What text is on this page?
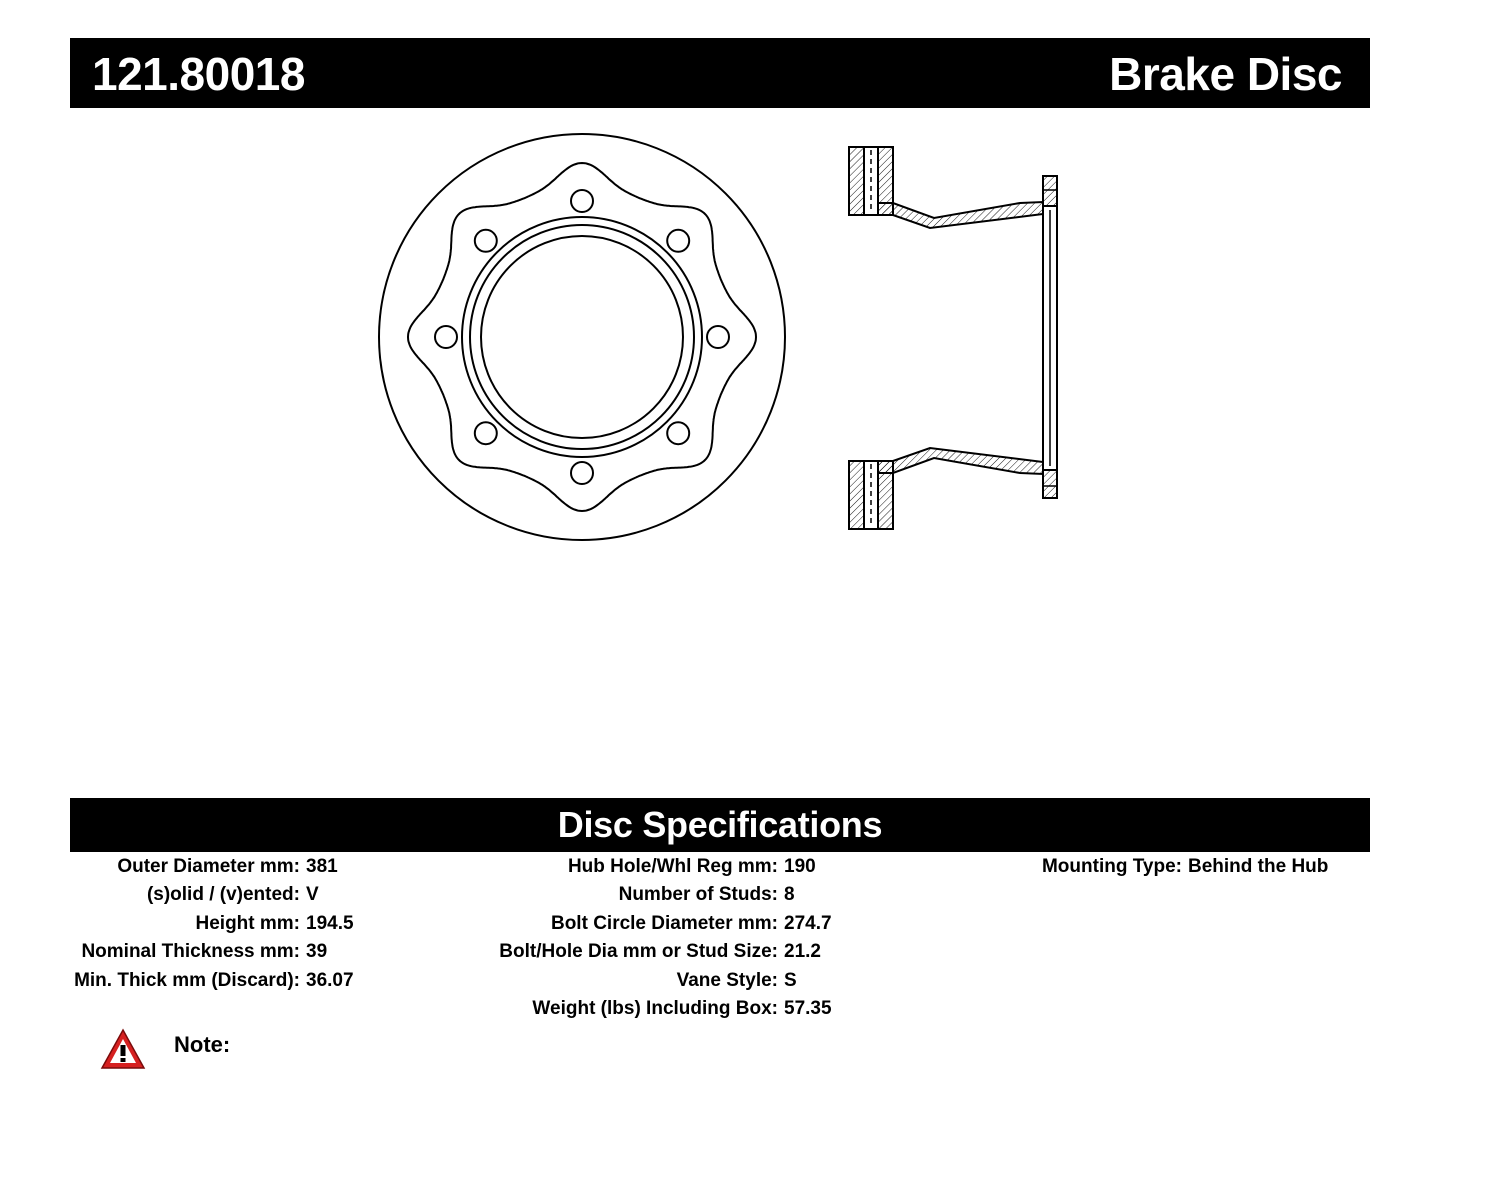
121.80018	Brake Disc
Disc Specifications
Outer Diameter mm: 381
(s)olid / (v)ented: V
Height mm: 194.5
Nominal Thickness mm: 39
Min. Thick mm (Discard): 36.07
Hub Hole/Whl Reg mm: 190
Number of Studs: 8
Bolt Circle Diameter mm: 274.7
Bolt/Hole Dia mm or Stud Size: 21.2
Vane Style: S
Weight (lbs) Including Box: 57.35
Mounting Type: Behind the Hub
Note:
